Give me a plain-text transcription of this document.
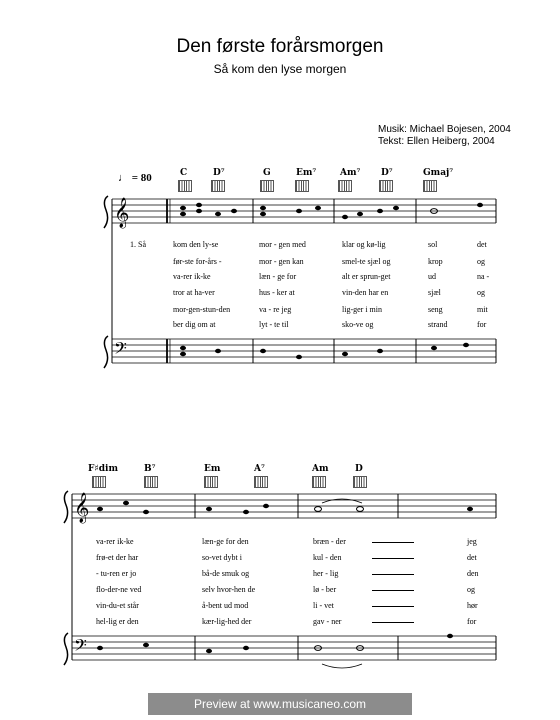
Den første forårsmorgen
Så kom den lyse morgen
Musik: Michael Bojesen, 2004
Tekst: Ellen Heiberg, 2004
♩ = 80	C	D⁷	G	Em⁷	Am⁷ D⁷	Gmaj⁷
F♯dim	B⁷	Em	A⁷	Am	D
1. Så	kom den ly-se	mor - gen med	klar og kø-lig	sol	det
før-ste for-års -	mor - gen kan	smel-te sjæl og	krop	og
va-rer ik-ke	læn - ge for	alt er sprun-get	ud	na -
tror at ha-ver	hus - ker at	vin-den har en	sjæl	og
mor-gen-stun-den	va - re jeg	lig-ger i min	seng	mit
ber dig om at	lyt - te til	sko-ve og	strand	for
va-rer ik-ke	læn-ge for den	bræn - der	jeg
frø-et der har	so-vet dybt i	kul - den	det
- tu-ren er jo	bå-de smuk og	her - lig	den
flo-der-ne ved	selv hvor-hen de	lø - ber	og
vin-du-et står	å-bent ud mod	li - vet	hør
hel-lig er den	kær-lig-hed der	gav - ner	for
𝄞
𝄢
𝄞
𝄢
Preview at www.musicaneo.com
